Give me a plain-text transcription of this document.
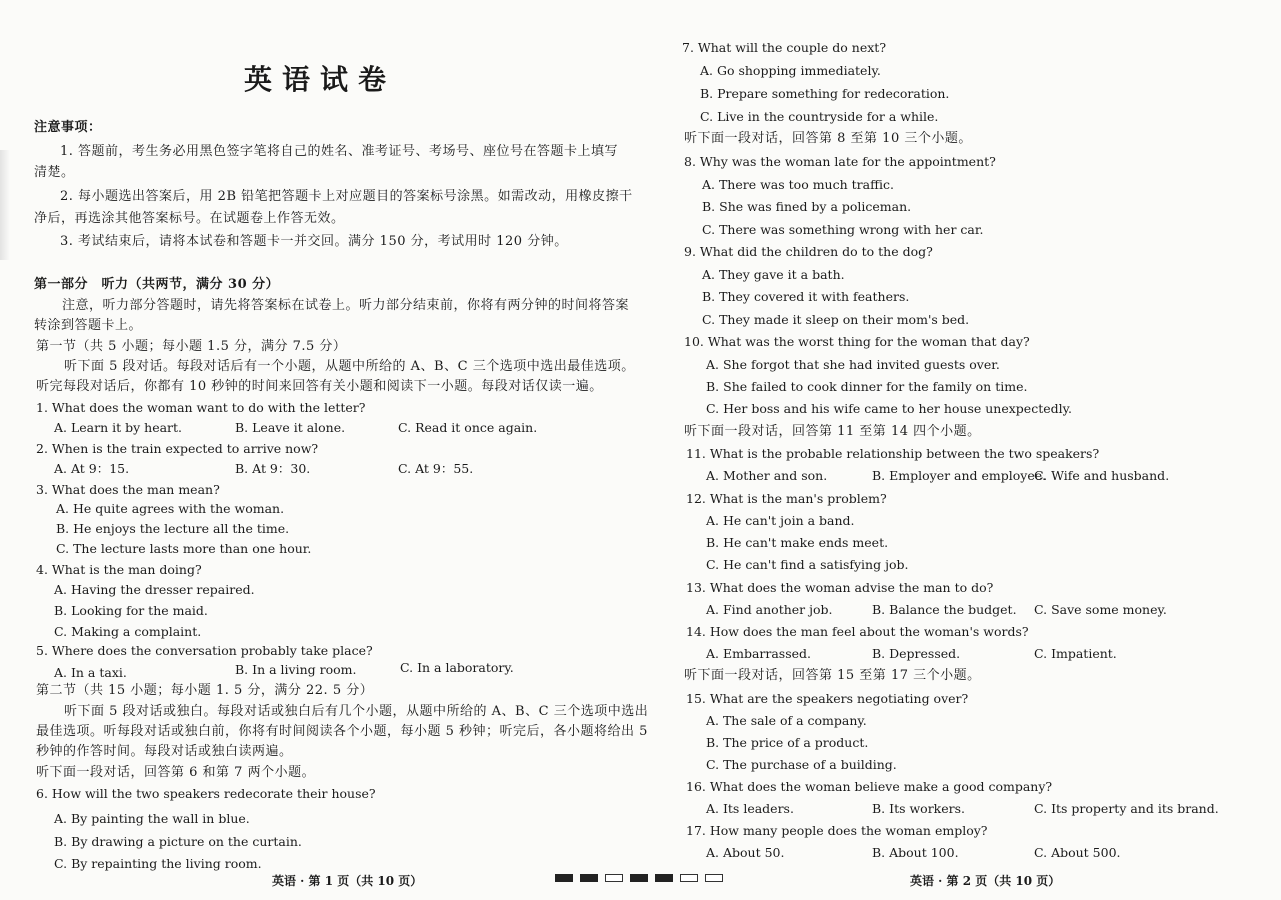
英语试卷
注意事项：
1. 答题前，考生务必用黑色签字笔将自己的姓名、准考证号、考场号、座位号在答题卡上填写
清楚。
2. 每小题选出答案后，用 2B 铅笔把答题卡上对应题目的答案标号涂黑。如需改动，用橡皮擦干
净后，再选涂其他答案标号。在试题卷上作答无效。
3. 考试结束后，请将本试卷和答题卡一并交回。满分 150 分，考试用时 120 分钟。
第一部分　听力（共两节，满分 30 分）
注意，听力部分答题时，请先将答案标在试卷上。听力部分结束前，你将有两分钟的时间将答案
转涂到答题卡上。
第一节（共 5 小题；每小题 1.5 分，满分 7.5 分）
听下面 5 段对话。每段对话后有一个小题，从题中所给的 A、B、C 三个选项中选出最佳选项。
听完每段对话后，你都有 10 秒钟的时间来回答有关小题和阅读下一小题。每段对话仅读一遍。
1. What does the woman want to do with the letter?
A. Learn it by heart.	B. Leave it alone.	C. Read it once again.
2. When is the train expected to arrive now?
A. At 9：15.	B. At 9：30.	C. At 9：55.
3. What does the man mean?
A. He quite agrees with the woman.
B. He enjoys the lecture all the time.
C. The lecture lasts more than one hour.
4. What is the man doing?
A. Having the dresser repaired.
B. Looking for the maid.
C. Making a complaint.
5. Where does the conversation probably take place?
A. In a taxi.	B. In a living room.	C. In a laboratory.
第二节（共 15 小题；每小题 1. 5 分，满分 22. 5 分）
听下面 5 段对话或独白。每段对话或独白后有几个小题，从题中所给的 A、B、C 三个选项中选出
最佳选项。听每段对话或独白前，你将有时间阅读各个小题，每小题 5 秒钟；听完后，各小题将给出 5
秒钟的作答时间。每段对话或独白读两遍。
听下面一段对话，回答第 6 和第 7 两个小题。
6. How will the two speakers redecorate their house?
A. By painting the wall in blue.
B. By drawing a picture on the curtain.
C. By repainting the living room.
英语 · 第 1 页（共 10 页）
7. What will the couple do next?
A. Go shopping immediately.
B. Prepare something for redecoration.
C. Live in the countryside for a while.
听下面一段对话，回答第 8 至第 10 三个小题。
8. Why was the woman late for the appointment?
A. There was too much traffic.
B. She was fined by a policeman.
C. There was something wrong with her car.
9. What did the children do to the dog?
A. They gave it a bath.
B. They covered it with feathers.
C. They made it sleep on their mom's bed.
10. What was the worst thing for the woman that day?
A. She forgot that she had invited guests over.
B. She failed to cook dinner for the family on time.
C. Her boss and his wife came to her house unexpectedly.
听下面一段对话，回答第 11 至第 14 四个小题。
11. What is the probable relationship between the two speakers?
A. Mother and son.	B. Employer and employee.
C. Wife and husband.
12. What is the man's problem?
A. He can't join a band.
B. He can't make ends meet.
C. He can't find a satisfying job.
13. What does the woman advise the man to do?
A. Find another job.	B. Balance the budget. C. Save some money.
14. How does the man feel about the woman's words?
A. Embarrassed.	B. Depressed.	C. Impatient.
听下面一段对话，回答第 15 至第 17 三个小题。
15. What are the speakers negotiating over?
A. The sale of a company.
B. The price of a product.
C. The purchase of a building.
16. What does the woman believe make a good company?
A. Its leaders.	B. Its workers.	C. Its property and its brand.
17. How many people does the woman employ?
A. About 50.	B. About 100.	C. About 500.
英语 · 第 2 页（共 10 页）
